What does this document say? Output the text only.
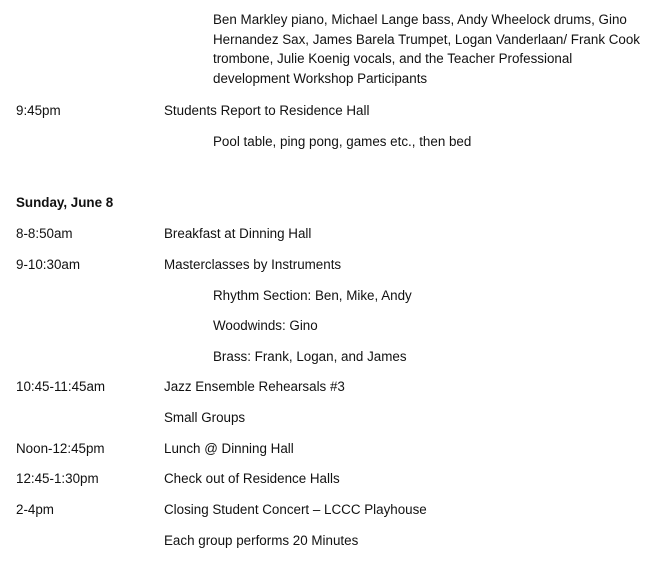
Ben Markley piano, Michael Lange bass, Andy Wheelock drums, Gino Hernandez Sax, James Barela Trumpet, Logan Vanderlaan/ Frank Cook trombone, Julie Koenig vocals, and the Teacher Professional development Workshop Participants
9:45pm	Students Report to Residence Hall
Pool table, ping pong, games etc., then bed
Sunday, June 8
8-8:50am	Breakfast at Dinning Hall
9-10:30am	Masterclasses by Instruments
Rhythm Section: Ben, Mike, Andy
Woodwinds: Gino
Brass: Frank, Logan, and James
10:45-11:45am	Jazz Ensemble Rehearsals #3
Small Groups
Noon-12:45pm	Lunch @ Dinning Hall
12:45-1:30pm	Check out of Residence Halls
2-4pm	Closing Student Concert – LCCC Playhouse
Each group performs 20 Minutes
